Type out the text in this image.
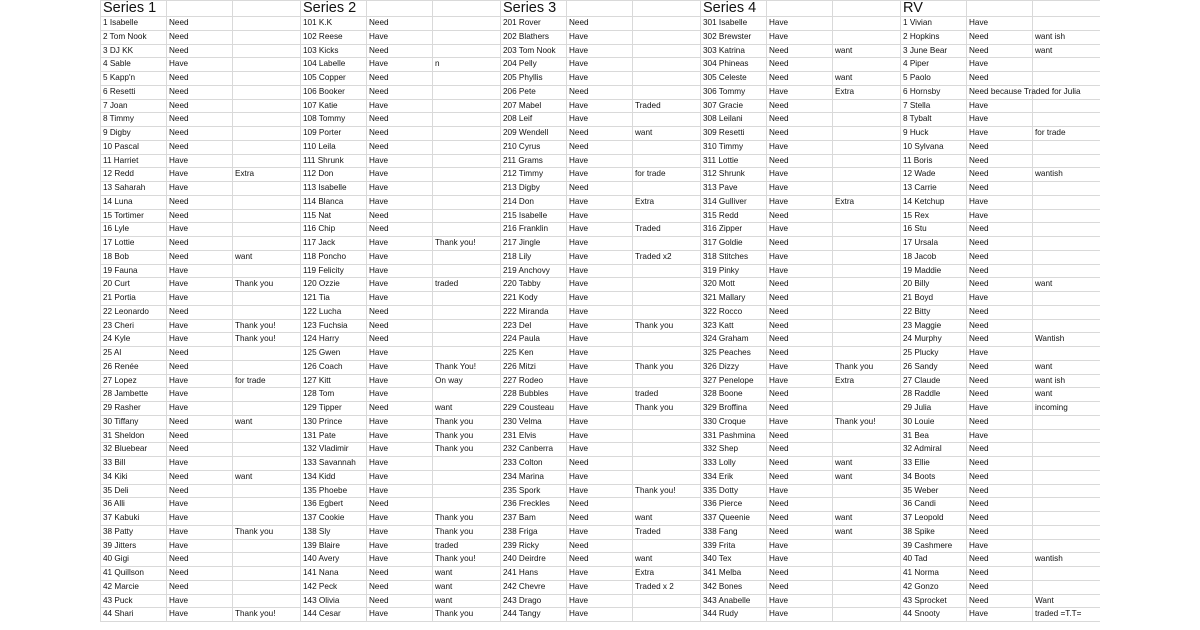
Series 1			Series 2			Series 3			Series 4			RV		
1 Isabelle	Need		101 K.K	Need		201 Rover	Need		301 Isabelle	Have		1 Vivian	Have	
2 Tom Nook	Need		102 Reese	Have		202 Blathers	Have		302 Brewster	Have		2 Hopkins	Need	want ish
3 DJ KK	Need		103 Kicks	Need		203 Tom Nook	Have		303 Katrina	Need	want	3 June Bear	Need	want
4 Sable	Have		104 Labelle	Have	n	204 Pelly	Have		304 Phineas	Need		4 Piper	Have	
5 Kapp'n	Need		105 Copper	Need		205 Phyllis	Have		305 Celeste	Need	want	5 Paolo	Need	
6 Resetti	Need		106 Booker	Need		206 Pete	Need		306 Tommy	Have	Extra	6 Hornsby	Need because Traded for Julia	
7 Joan	Need		107 Katie	Have		207 Mabel	Have	Traded	307 Gracie	Need		7 Stella	Have	
8 Timmy	Need		108 Tommy	Need		208 Leif	Have		308 Leilani	Need		8 Tybalt	Have	
9 Digby	Need		109 Porter	Need		209 Wendell	Need	want	309 Resetti	Need		9 Huck	Have	for trade
10 Pascal	Need		110 Leila	Need		210 Cyrus	Need		310 Timmy	Have		10 Sylvana	Need	
11 Harriet	Have		111 Shrunk	Have		211 Grams	Have		311 Lottie	Need		11 Boris	Need	
12 Redd	Have	Extra	112 Don	Have		212 Timmy	Have	for trade	312 Shrunk	Have		12 Wade	Need	wantish
13 Saharah	Have		113 Isabelle	Have		213 Digby	Need		313 Pave	Have		13 Carrie	Need	
14 Luna	Need		114 Blanca	Have		214 Don	Have	Extra	314 Gulliver	Have	Extra	14 Ketchup	Have	
15 Tortimer	Need		115 Nat	Need		215 Isabelle	Have		315 Redd	Need		15 Rex	Have	
16 Lyle	Have		116 Chip	Need		216 Franklin	Have	Traded	316 Zipper	Have		16 Stu	Need	
17 Lottie	Need		117 Jack	Have	Thank you!	217 Jingle	Have		317 Goldie	Need		17 Ursala	Need	
18 Bob	Need	want	118 Poncho	Have		218 Lily	Have	Traded x2	318 Stitches	Have		18 Jacob	Need	
19 Fauna	Have		119 Felicity	Have		219 Anchovy	Have		319 Pinky	Have		19 Maddie	Need	
20 Curt	Have	Thank you	120 Ozzie	Have	traded	220 Tabby	Have		320 Mott	Need		20 Billy	Need	want
21 Portia	Have		121 Tia	Have		221 Kody	Have		321 Mallary	Need		21 Boyd	Have	
22 Leonardo	Need		122 Lucha	Need		222 Miranda	Have		322 Rocco	Need		22 Bitty	Need	
23 Cheri	Have	Thank you!	123 Fuchsia	Need		223 Del	Have	Thank you	323 Katt	Need		23 Maggie	Need	
24 Kyle	Have	Thank you!	124 Harry	Need		224 Paula	Have		324 Graham	Need		24 Murphy	Need	Wantish
25 Al	Need		125 Gwen	Have		225 Ken	Have		325 Peaches	Need		25 Plucky	Have	
26 Renée	Need		126 Coach	Have	Thank You!	226 Mitzi	Have	Thank you	326 Dizzy	Have	Thank you	26 Sandy	Need	want
27 Lopez	Have	for trade	127 Kitt	Have	On way	227 Rodeo	Have		327 Penelope	Have	Extra	27 Claude	Need	want ish
28 Jambette	Have		128 Tom	Have		228 Bubbles	Have	traded	328 Boone	Need		28 Raddle	Need	want
29 Rasher	Have		129 Tipper	Need	want	229 Cousteau	Have	Thank you	329 Broffina	Need		29 Julia	Have	incoming
30 Tiffany	Need	want	130 Prince	Have	Thank you	230 Velma	Have		330 Croque	Have	Thank you!	30 Louie	Need	
31 Sheldon	Need		131 Pate	Have	Thank you	231 Elvis	Have		331 Pashmina	Need		31 Bea	Have	
32 Bluebear	Need		132 Vladimir	Have	Thank you	232 Canberra	Have		332 Shep	Need		32 Admiral	Need	
33 Bill	Have		133 Savannah	Have		233 Colton	Need		333 Lolly	Need	want	33 Ellie	Need	
34 Kiki	Need	want	134 Kidd	Have		234 Marina	Have		334 Erik	Need	want	34 Boots	Need	
35 Deli	Need		135 Phoebe	Have		235 Spork	Have	Thank you!	335 Dotty	Have		35 Weber	Need	
36 Alli	Have		136 Egbert	Need		236 Freckles	Need		336 Pierce	Need		36 Candi	Need	
37 Kabuki	Have		137 Cookie	Have	Thank you	237 Bam	Need	want	337 Queenie	Need	want	37 Leopold	Need	
38 Patty	Have	Thank you	138 Sly	Have	Thank you	238 Friga	Have	Traded	338 Fang	Need	want	38 Spike	Need	
39 Jitters	Have		139 Blaire	Have	traded	239 Ricky	Need		339 Frita	Have		39 Cashmere	Have	
40 Gigi	Need		140 Avery	Have	Thank you!	240 Deirdre	Need	want	340 Tex	Have		40 Tad	Need	wantish
41 Quillson	Need		141 Nana	Need	want	241 Hans	Have	Extra	341 Melba	Need		41 Norma	Need	
42 Marcie	Need		142 Peck	Need	want	242 Chevre	Have	Traded x 2	342 Bones	Need		42 Gonzo	Need	
43 Puck	Have		143 Olivia	Need	want	243 Drago	Have		343 Anabelle	Have		43 Sprocket	Need	Want
44 Shari	Have	Thank you!	144 Cesar	Have	Thank you	244 Tangy	Have		344 Rudy	Have		44 Snooty	Have	traded =T.T=
